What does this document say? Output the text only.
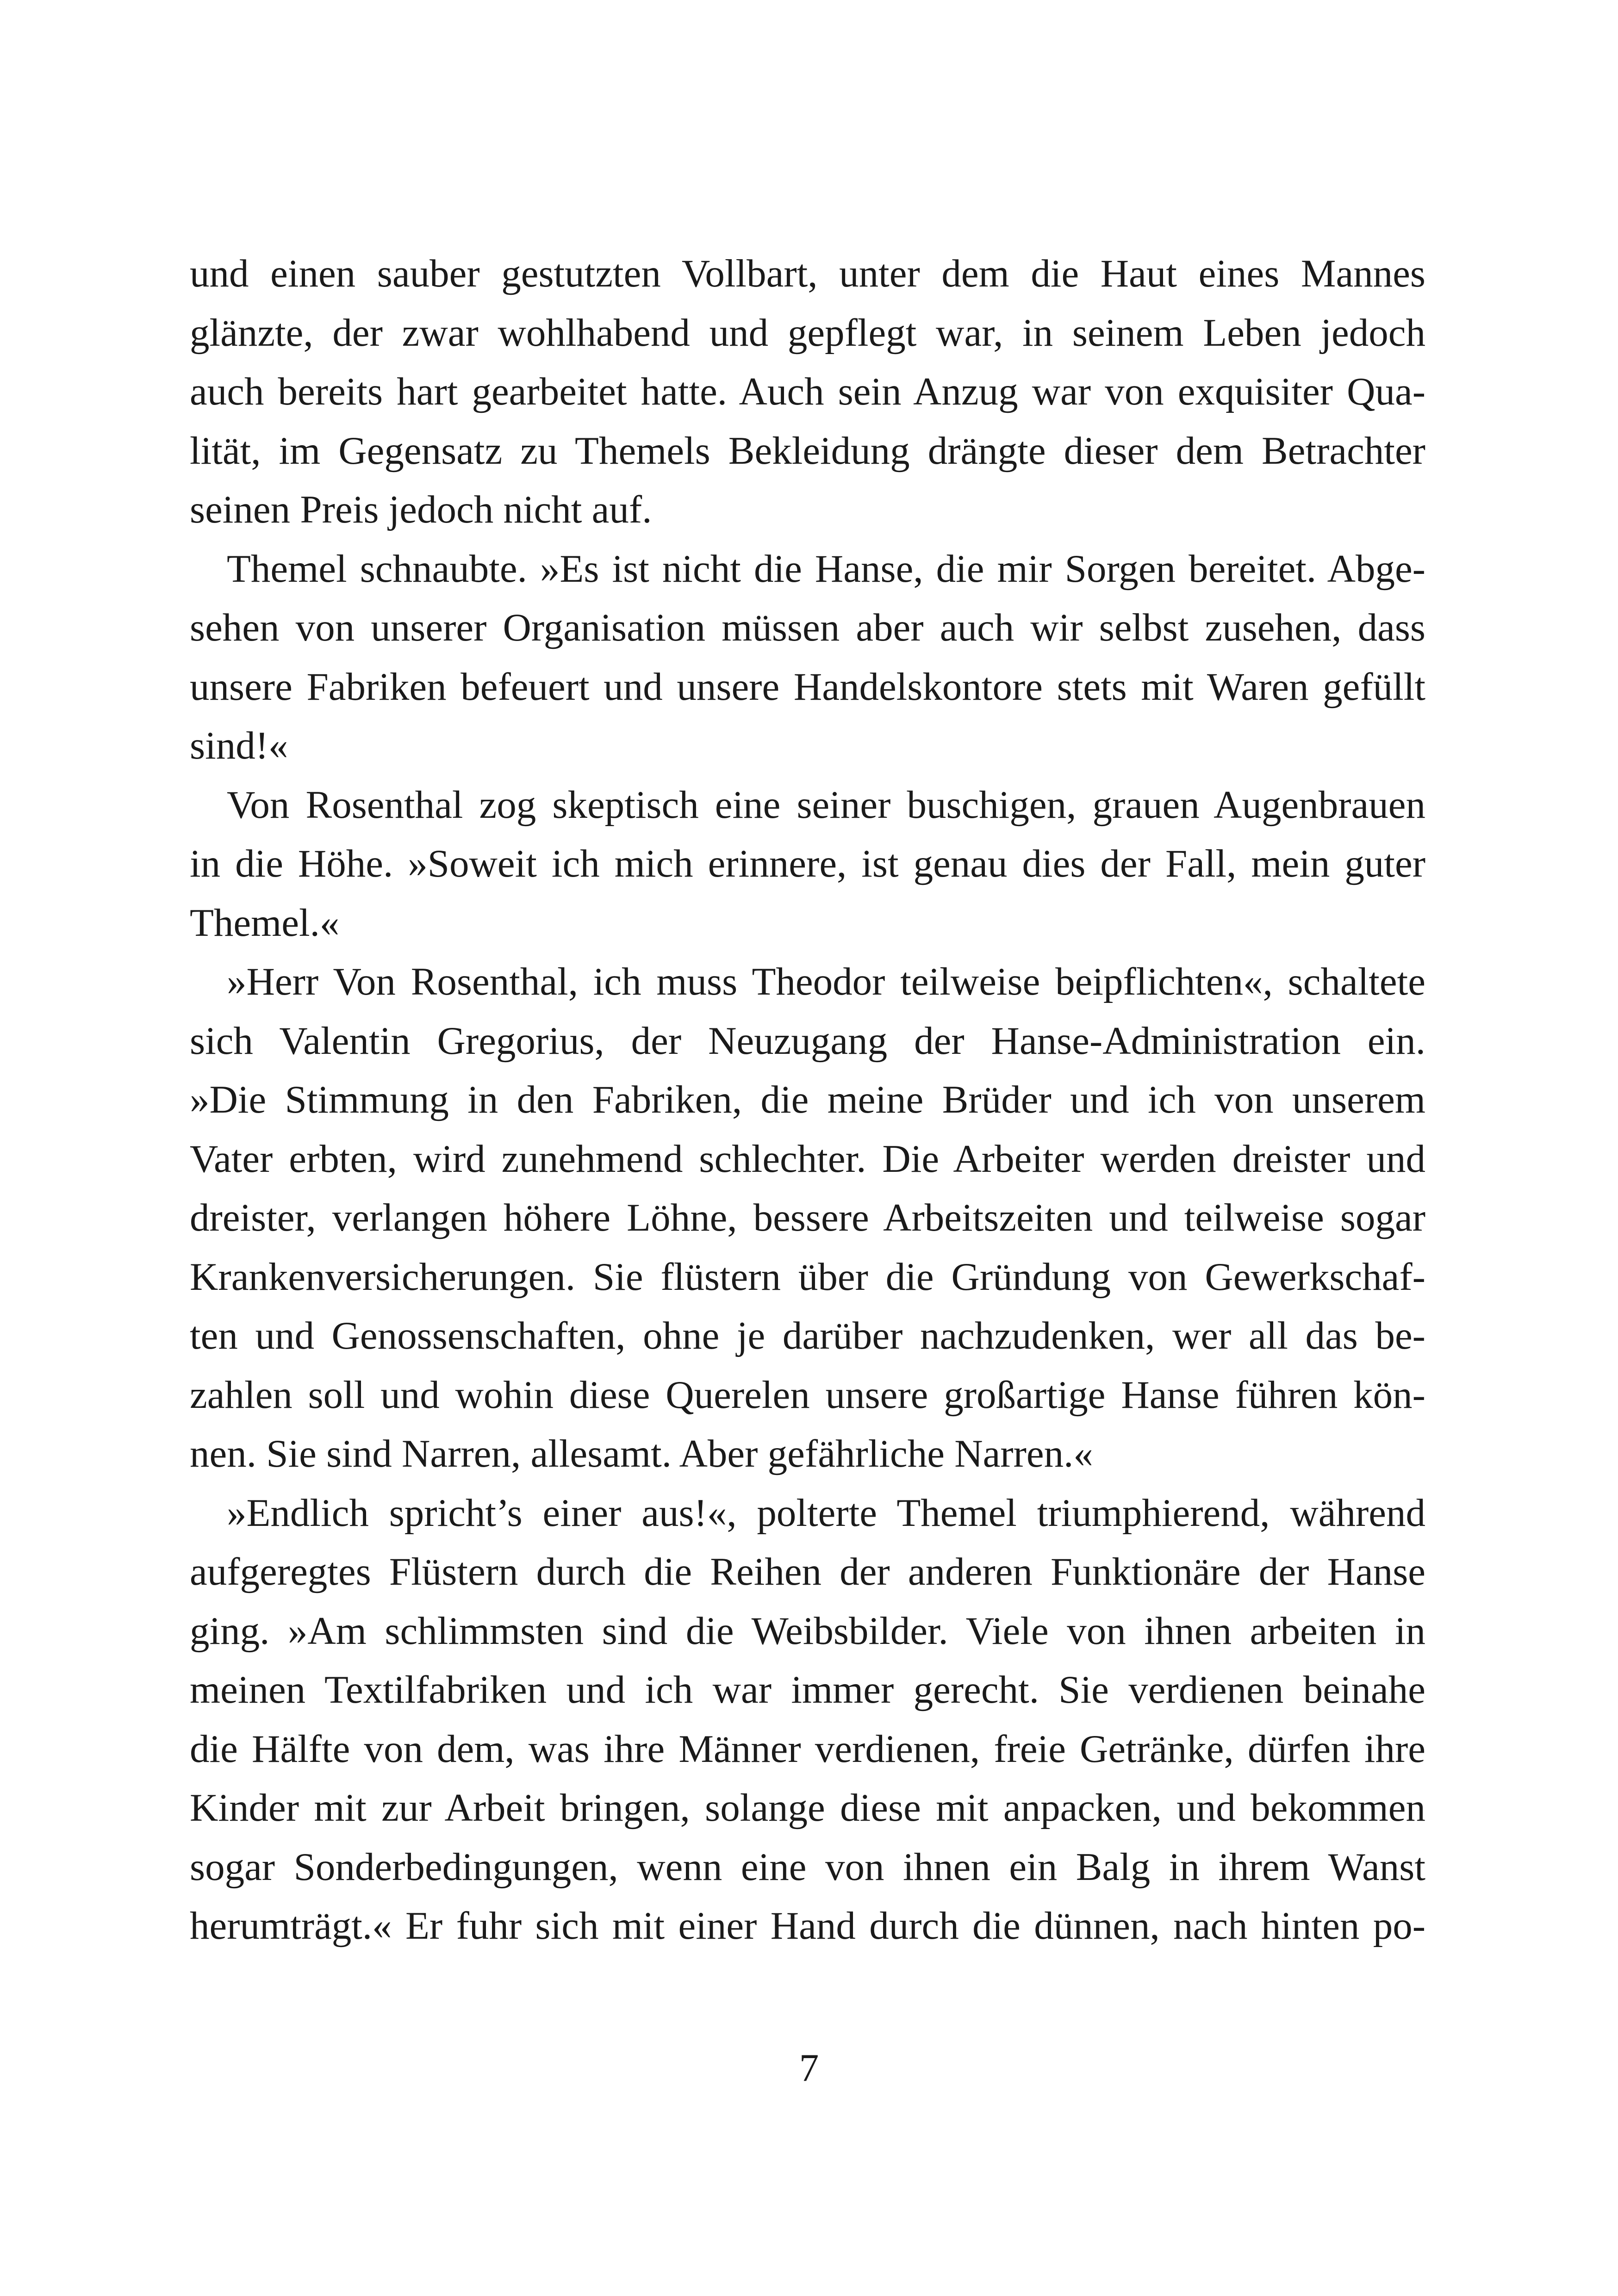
und einen sauber gestutzten Vollbart, unter dem die Haut eines Mannes
glänzte, der zwar wohlhabend und gepflegt war, in seinem Leben jedoch
auch bereits hart gearbeitet hatte. Auch sein Anzug war von exquisiter Qua-
lität, im Gegensatz zu Themels Bekleidung drängte dieser dem Betrachter
seinen Preis jedoch nicht auf.
Themel schnaubte. »Es ist nicht die Hanse, die mir Sorgen bereitet. Abge-
sehen von unserer Organisation müssen aber auch wir selbst zusehen, dass
unsere Fabriken befeuert und unsere Handelskontore stets mit Waren gefüllt
sind!«
Von Rosenthal zog skeptisch eine seiner buschigen, grauen Augenbrauen
in die Höhe. »Soweit ich mich erinnere, ist genau dies der Fall, mein guter
Themel.«
»Herr Von Rosenthal, ich muss Theodor teilweise beipflichten«, schaltete
sich Valentin Gregorius, der Neuzugang der Hanse-Administration ein.
»Die Stimmung in den Fabriken, die meine Brüder und ich von unserem
Vater erbten, wird zunehmend schlechter. Die Arbeiter werden dreister und
dreister, verlangen höhere Löhne, bessere Arbeitszeiten und teilweise sogar
Krankenversicherungen. Sie flüstern über die Gründung von Gewerkschaf-
ten und Genossenschaften, ohne je darüber nachzudenken, wer all das be-
zahlen soll und wohin diese Querelen unsere großartige Hanse führen kön-
nen. Sie sind Narren, allesamt. Aber gefährliche Narren.«
»Endlich spricht’s einer aus!«, polterte Themel triumphierend, während
aufgeregtes Flüstern durch die Reihen der anderen Funktionäre der Hanse
ging. »Am schlimmsten sind die Weibsbilder. Viele von ihnen arbeiten in
meinen Textilfabriken und ich war immer gerecht. Sie verdienen beinahe
die Hälfte von dem, was ihre Männer verdienen, freie Getränke, dürfen ihre
Kinder mit zur Arbeit bringen, solange diese mit anpacken, und bekommen
sogar Sonderbedingungen, wenn eine von ihnen ein Balg in ihrem Wanst
herumträgt.« Er fuhr sich mit einer Hand durch die dünnen, nach hinten po-
7
